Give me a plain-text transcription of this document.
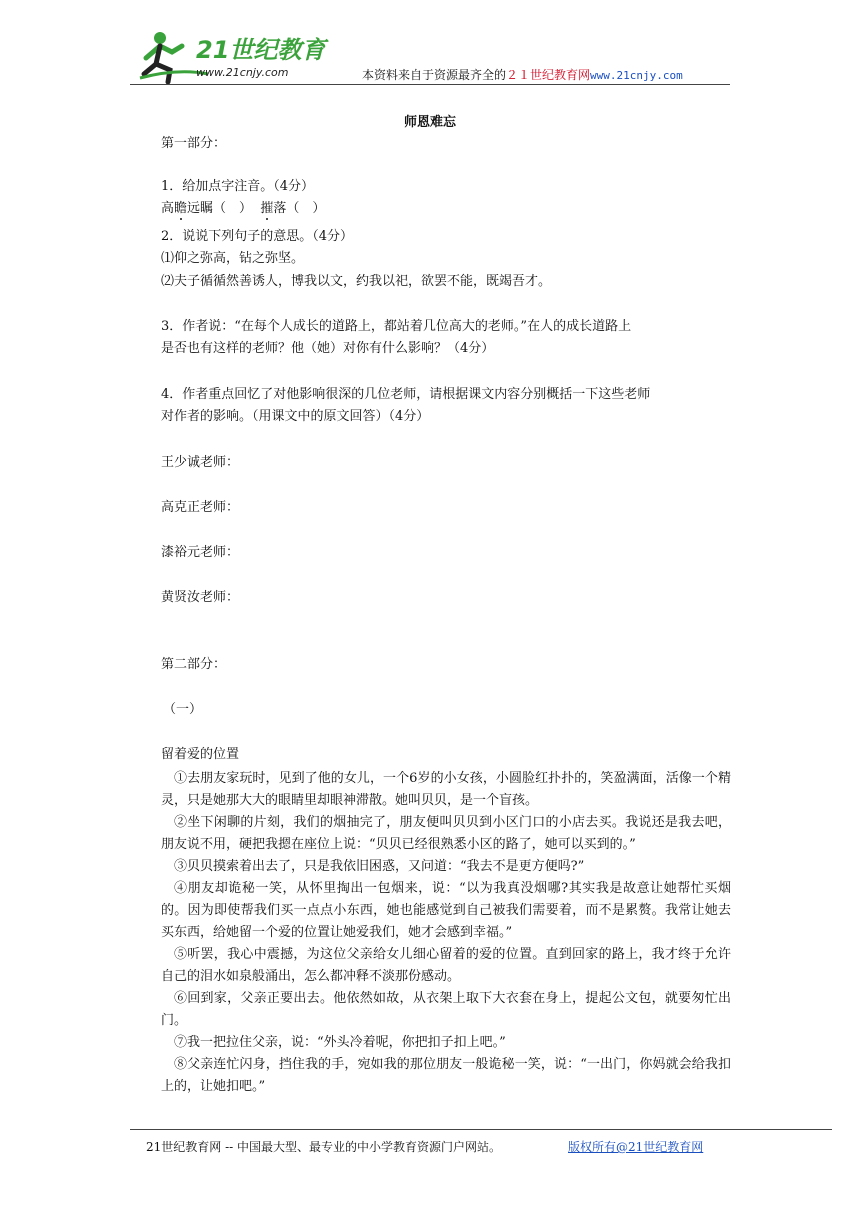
21世纪教育
www.21cnjy.com	本资料来自于资源最齐全的２１世纪教育网www.21cnjy.com
师恩难忘
第一部分：
1．给加点字注音。（4分）
高瞻远瞩（　） 摧落（　）
2．说说下列句子的意思。（4分）
⑴仰之弥高，钻之弥坚。
⑵夫子循循然善诱人，博我以文，约我以祀，欲罢不能，既竭吾才。
3．作者说：“在每个人成长的道路上，都站着几位高大的老师。”在人的成长道路上
是否也有这样的老师？他（她）对你有什么影响？（4分）
4．作者重点回忆了对他影响很深的几位老师，请根据课文内容分别概括一下这些老师
对作者的影响。（用课文中的原文回答）（4分）
王少诚老师：
高克正老师：
漆裕元老师：
黄贤汝老师：
第二部分：
（一）
留着爱的位置
①去朋友家玩时，见到了他的女儿，一个6岁的小女孩，小圆脸红扑扑的，笑盈满面，活像一个精灵，只是她那大大的眼睛里却眼神滞散。她叫贝贝，是一个盲孩。
②坐下闲聊的片刻，我们的烟抽完了，朋友便叫贝贝到小区门口的小店去买。我说还是我去吧，朋友说不用，硬把我摁在座位上说：“贝贝已经很熟悉小区的路了，她可以买到的。”
③贝贝摸索着出去了，只是我依旧困惑，又问道：“我去不是更方便吗?”
④朋友却诡秘一笑，从怀里掏出一包烟来，说：“以为我真没烟哪?其实我是故意让她帮忙买烟的。因为即使帮我们买一点点小东西，她也能感觉到自己被我们需要着，而不是累赘。我常让她去买东西，给她留一个爱的位置让她爱我们，她才会感到幸福。”
⑤听罢，我心中震撼，为这位父亲给女儿细心留着的爱的位置。直到回家的路上，我才终于允许自己的泪水如泉般涌出，怎么都冲释不淡那份感动。
⑥回到家，父亲正要出去。他依然如故，从衣架上取下大衣套在身上，提起公文包，就要匆忙出门。
⑦我一把拉住父亲，说：“外头冷着呢，你把扣子扣上吧。”
⑧父亲连忙闪身，挡住我的手，宛如我的那位朋友一般诡秘一笑，说：“一出门，你妈就会给我扣上的，让她扣吧。”
21世纪教育网 -- 中国最大型、最专业的中小学教育资源门户网站。	版权所有@21世纪教育网
